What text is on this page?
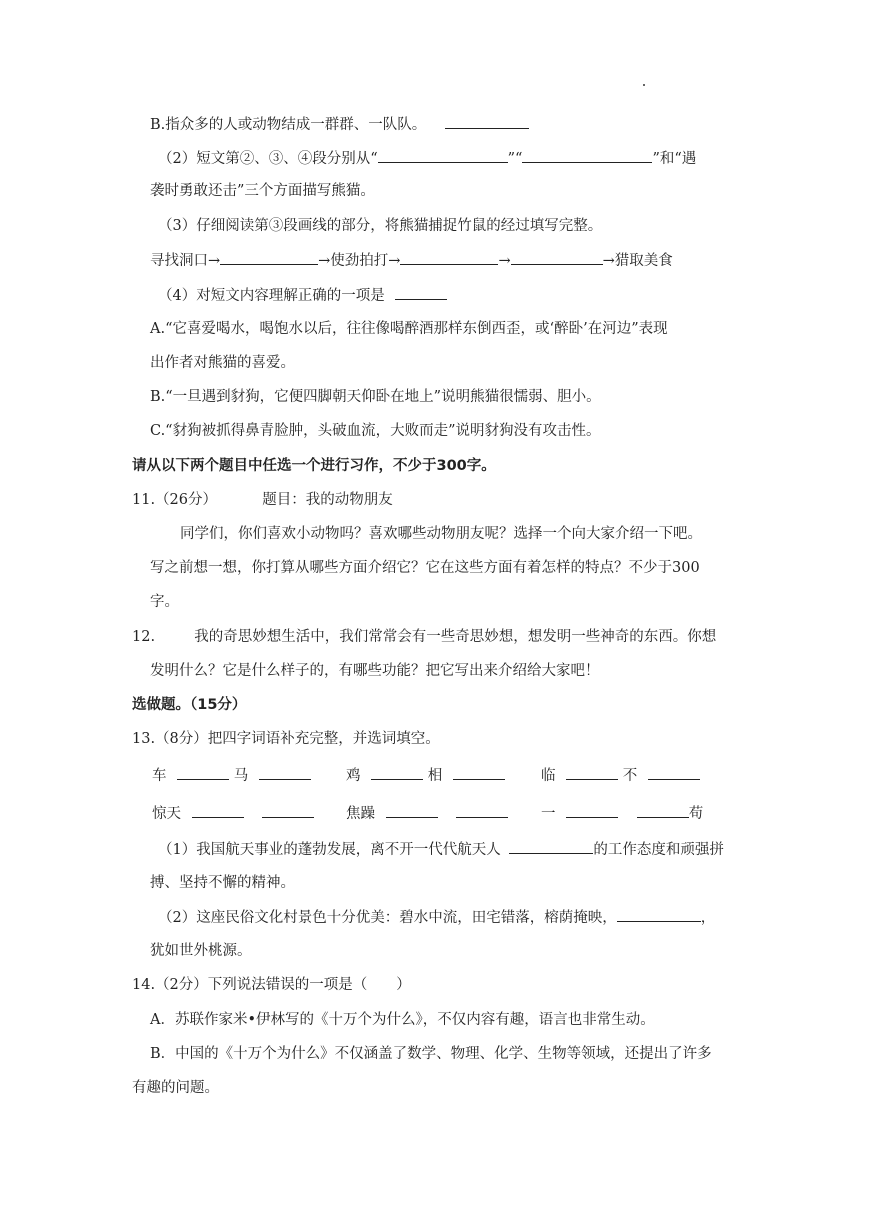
B.指众多的人或动物结成一群群、一队队。
（2）短文第②、③、④段分别从“	”“	”和“遇
袭时勇敢还击”三个方面描写熊猫。
（3）仔细阅读第③段画线的部分，将熊猫捕捉竹鼠的经过填写完整。
寻找洞口→	→使劲拍打→	→	→猎取美食
（4）对短文内容理解正确的一项是
A.“它喜爱喝水，喝饱水以后，往往像喝醉酒那样东倒西歪，或‘醉卧’在河边”表现
出作者对熊猫的喜爱。
B.“一旦遇到豺狗，它便四脚朝天仰卧在地上”说明熊猫很懦弱、胆小。
C.“豺狗被抓得鼻青脸肿，头破血流，大败而走”说明豺狗没有攻击性。
请从以下两个题目中任选一个进行习作，不少于300字。
11.（26分）	题目：我的动物朋友
同学们，你们喜欢小动物吗？喜欢哪些动物朋友呢？选择一个向大家介绍一下吧。
写之前想一想，你打算从哪些方面介绍它？它在这些方面有着怎样的特点？不少于300
字。
12.	我的奇思妙想生活中，我们常常会有一些奇思妙想，想发明一些神奇的东西。你想
发明什么？它是什么样子的，有哪些功能？把它写出来介绍给大家吧！
选做题。（15分）
13.（8分）把四字词语补充完整，并选词填空。
车	马	鸡	相	临	不
惊天	焦躁	一	苟
（1）我国航天事业的蓬勃发展，离不开一代代航天人	的工作态度和顽强拼
搏、坚持不懈的精神。
（2）这座民俗文化村景色十分优美：碧水中流，田宅错落，榕荫掩映，	，
犹如世外桃源。
14.（2分）下列说法错误的一项是（　　）
A．苏联作家米•伊林写的《十万个为什么》，不仅内容有趣，语言也非常生动。
B．中国的《十万个为什么》不仅涵盖了数学、物理、化学、生物等领域，还提出了许多
有趣的问题。
